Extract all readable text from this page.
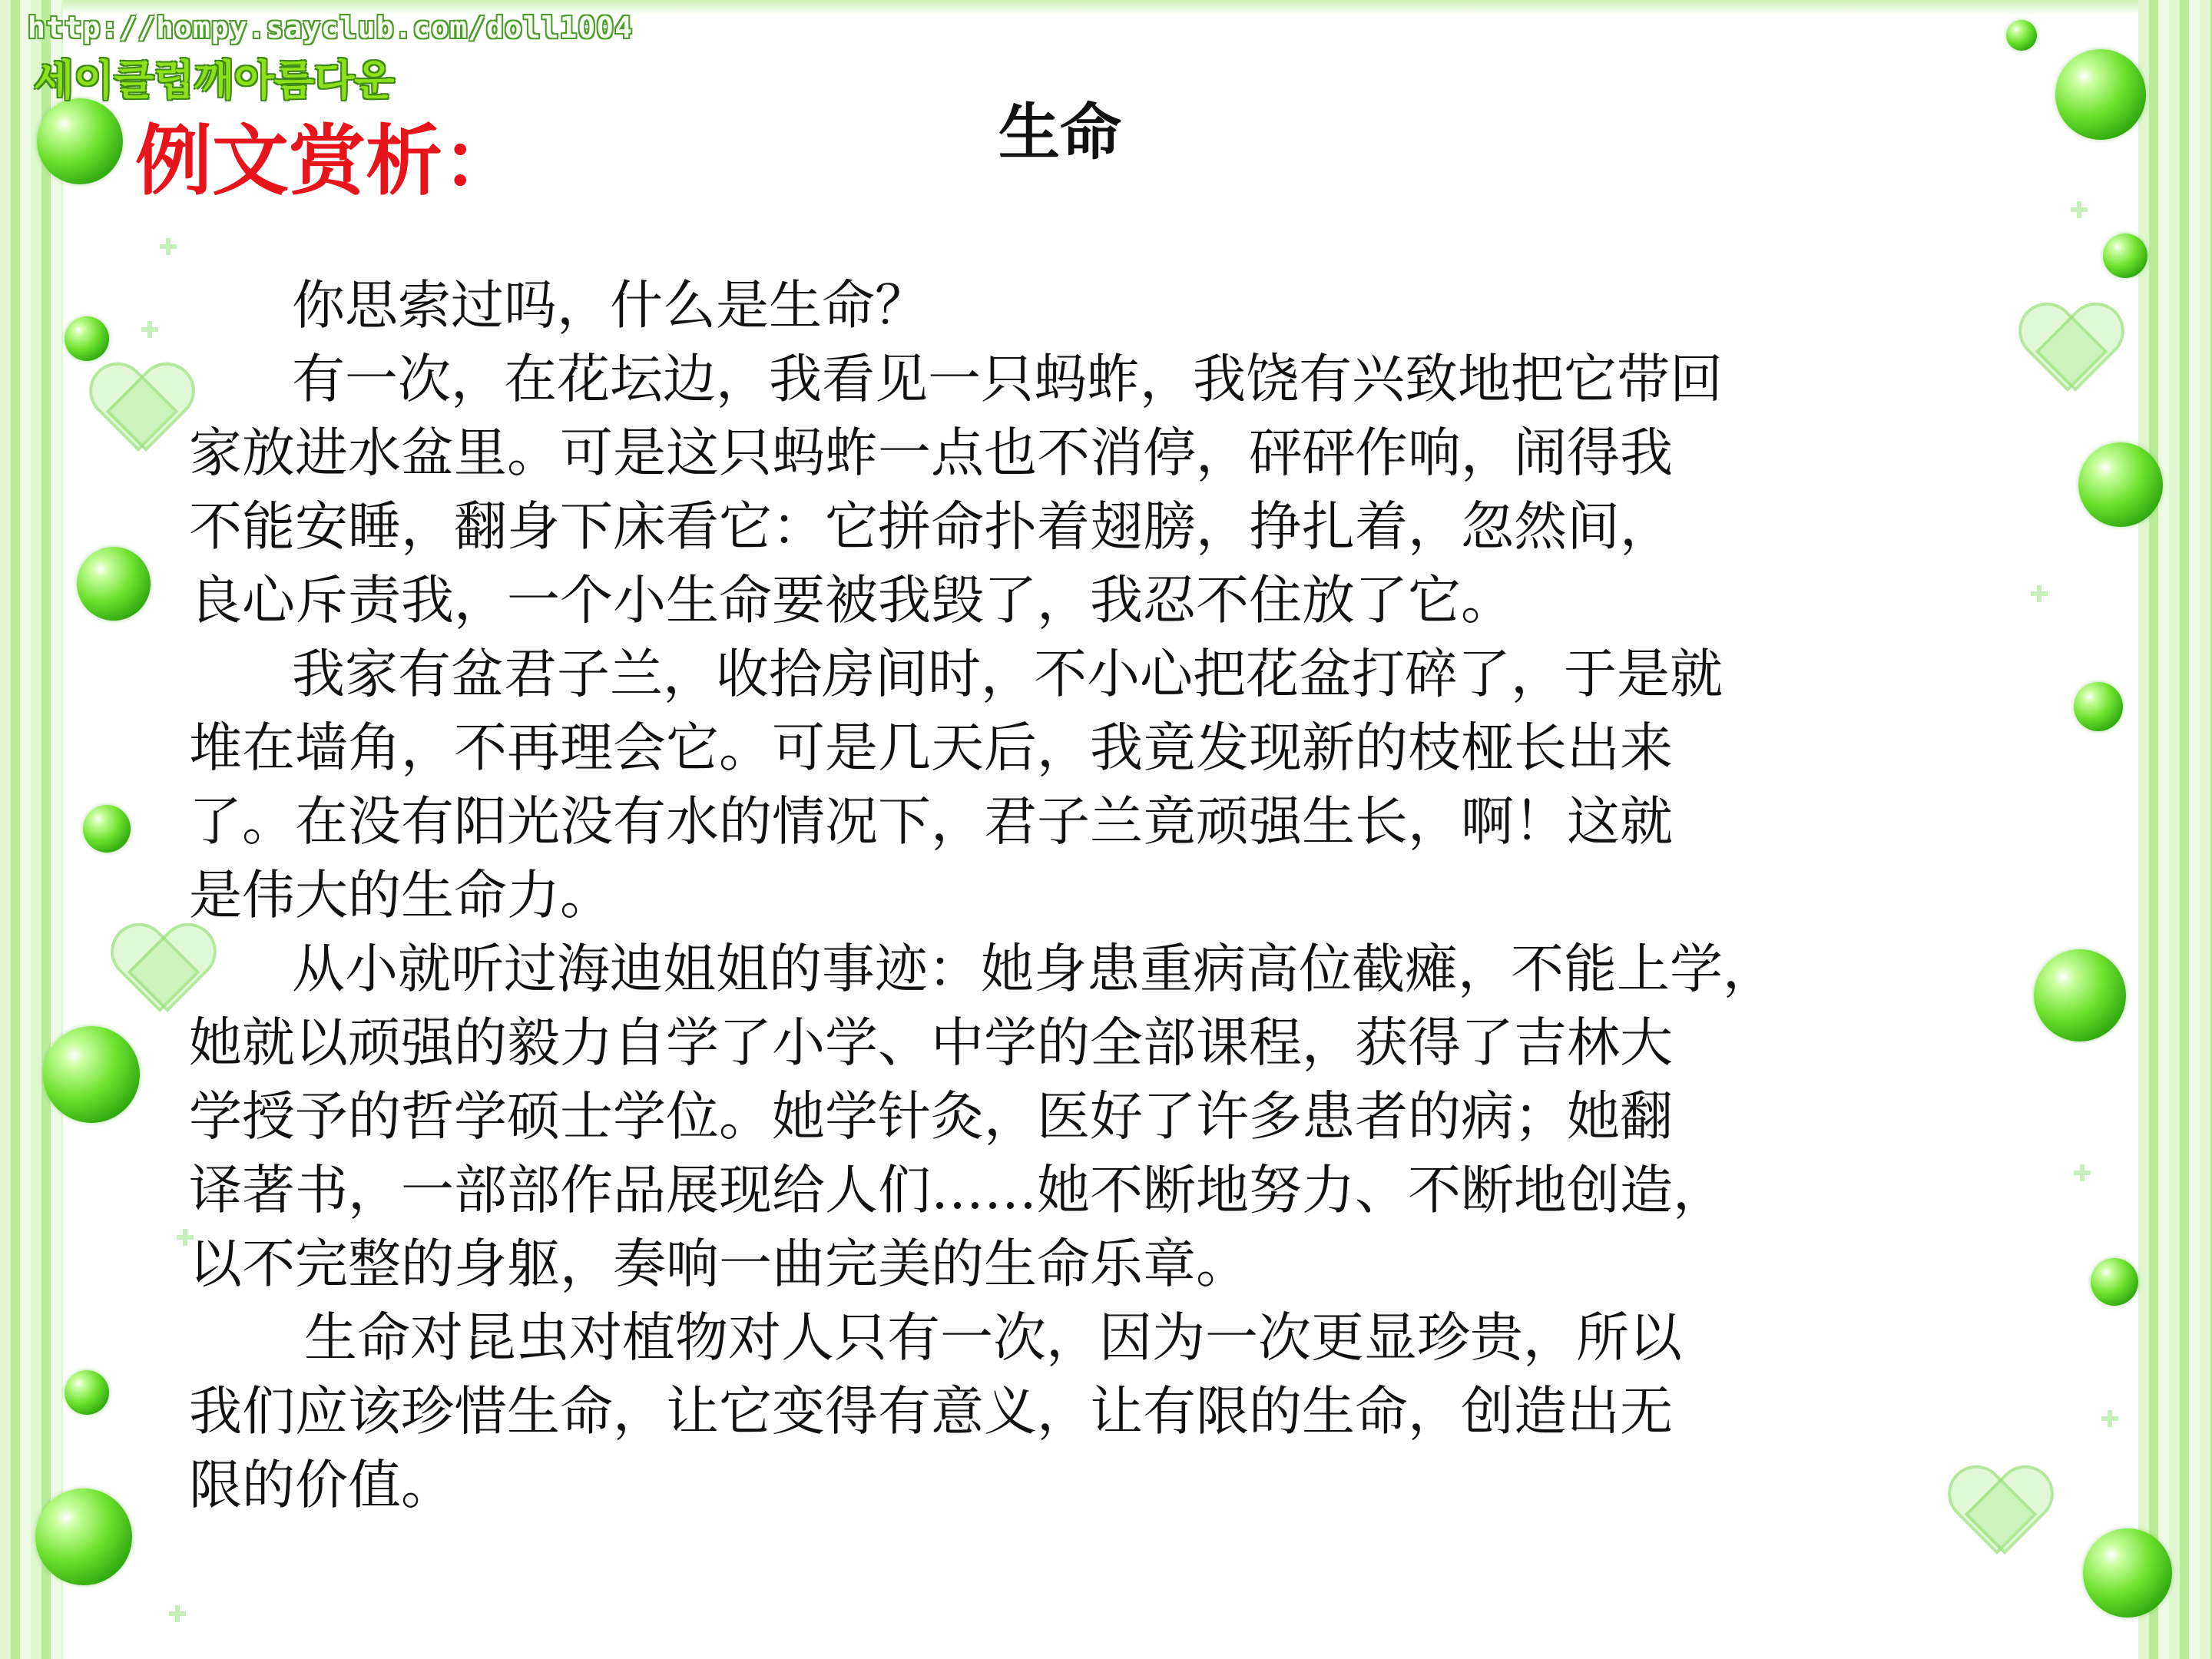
http://hompy.sayclub.com/doll1004
세이클럽깨아름다운
例文赏析：	生命

你思索过吗，什么是生命？

有一次，在花坛边，我看见一只蚂蚱，我饶有兴致地把它带回

家放进水盆里。可是这只蚂蚱一点也不消停，砰砰作响，闹得我

不能安睡，翻身下床看它：它拼命扑着翅膀，挣扎着，忽然间，

良心斥责我，一个小生命要被我毁了，我忍不住放了它。

我家有盆君子兰，收拾房间时，不小心把花盆打碎了，于是就

堆在墙角，不再理会它。可是几天后，我竟发现新的枝桠长出来

了。在没有阳光没有水的情况下，君子兰竟顽强生长，啊！这就

是伟大的生命力。

从小就听过海迪姐姐的事迹：她身患重病高位截瘫，不能上学，

她就以顽强的毅力自学了小学、中学的全部课程，获得了吉林大

学授予的哲学硕士学位。她学针灸，医好了许多患者的病；她翻

译著书，一部部作品展现给人们……她不断地努力、不断地创造，

以不完整的身躯，奏响一曲完美的生命乐章。

生命对昆虫对植物对人只有一次，因为一次更显珍贵，所以

我们应该珍惜生命，让它变得有意义，让有限的生命，创造出无

限的价值。
